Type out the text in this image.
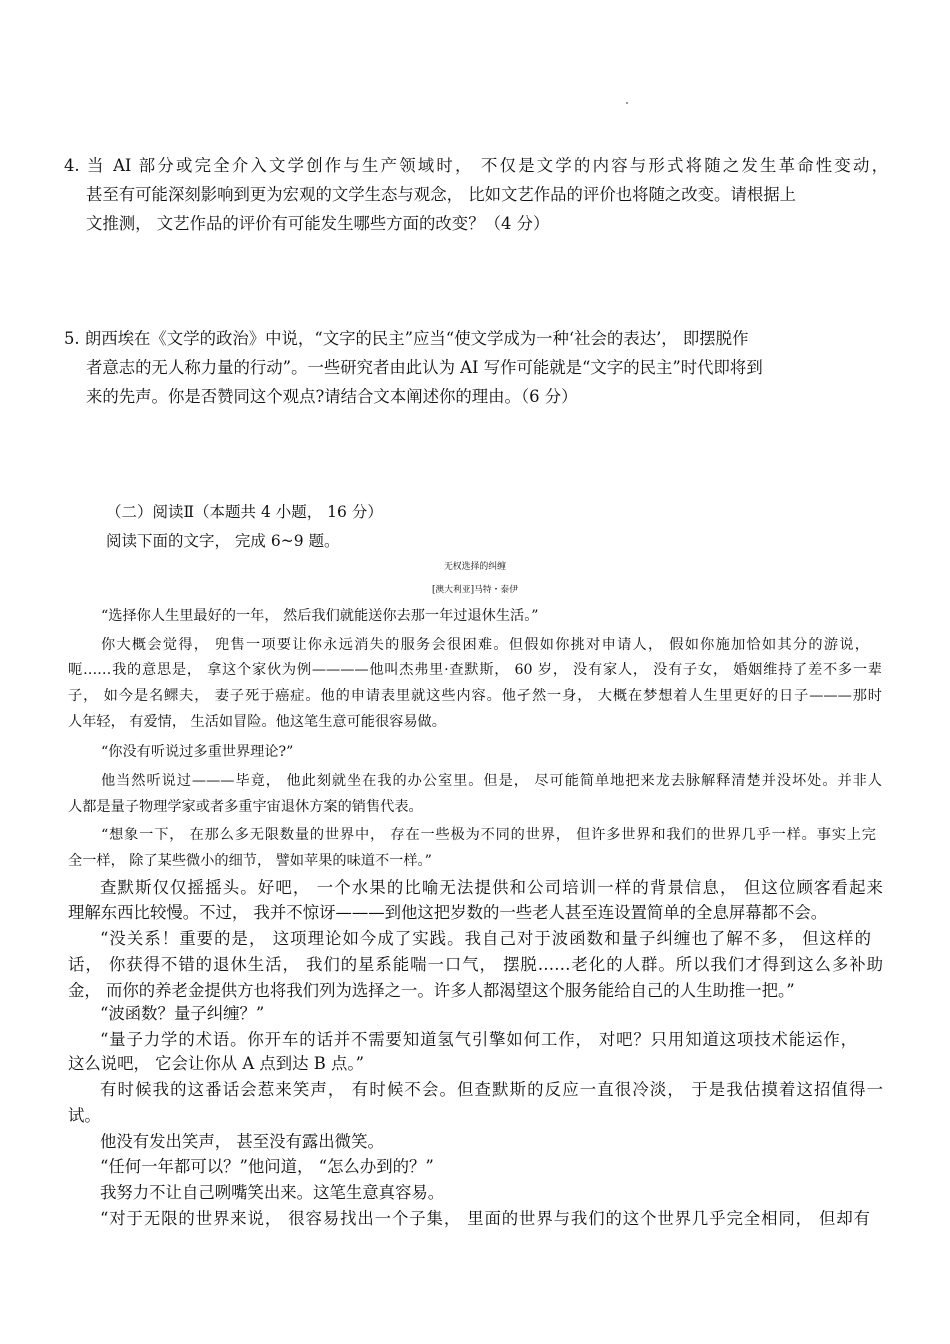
4. 当 AI 部分或完全介入文学创作与生产领域时， 不仅是文学的内容与形式将随之发生革命性变动，
甚至有可能深刻影响到更为宏观的文学生态与观念， 比如文艺作品的评价也将随之改变。请根据上
文推测， 文艺作品的评价有可能发生哪些方面的改变？（4 分）
5. 朗西埃在《文学的政治》中说，“文字的民主”应当“使文学成为一种‘社会的表达’， 即摆脱作
者意志的无人称力量的行动”。一些研究者由此认为 AI 写作可能就是“文字的民主”时代即将到
来的先声。你是否赞同这个观点?请结合文本阐述你的理由。（6 分）
（二）阅读Ⅱ（本题共 4 小题， 16 分）
阅读下面的文字， 完成 6~9 题。
无权选择的纠缠
[澳大利亚]马特・泰伊
“选择你人生里最好的一年， 然后我们就能送你去那一年过退休生活。”
你大概会觉得， 兜售一项要让你永远消失的服务会很困难。但假如你挑对申请人， 假如你施加恰如其分的游说，
呃……我的意思是， 拿这个家伙为例————他叫杰弗里·查默斯， 60 岁， 没有家人， 没有子女， 婚姻维持了差不多一辈
子， 如今是名鳏夫， 妻子死于癌症。他的申请表里就这些内容。他孑然一身， 大概在梦想着人生里更好的日子———那时
人年轻， 有爱情， 生活如冒险。他这笔生意可能很容易做。
“你没有听说过多重世界理论?”
他当然听说过———毕竟， 他此刻就坐在我的办公室里。但是， 尽可能简单地把来龙去脉解释清楚并没坏处。并非人
人都是量子物理学家或者多重宇宙退休方案的销售代表。
“想象一下， 在那么多无限数量的世界中， 存在一些极为不同的世界， 但许多世界和我们的世界几乎一样。事实上完
全一样， 除了某些微小的细节， 譬如苹果的味道不一样。”
查默斯仅仅摇摇头。好吧， 一个水果的比喻无法提供和公司培训一样的背景信息， 但这位顾客看起来
理解东西比较慢。不过， 我并不惊讶———到他这把岁数的一些老人甚至连设置简单的全息屏幕都不会。
“没关系！重要的是， 这项理论如今成了实践。我自己对于波函数和量子纠缠也了解不多， 但这样的
话， 你获得不错的退休生活， 我们的星系能喘一口气， 摆脱……老化的人群。所以我们才得到这么多补助
金， 而你的养老金提供方也将我们列为选择之一。许多人都渴望这个服务能给自己的人生助推一把。”
“波函数？量子纠缠？”
“量子力学的术语。你开车的话并不需要知道氢气引擎如何工作， 对吧？只用知道这项技术能运作，
这么说吧， 它会让你从 A 点到达 B 点。”
有时候我的这番话会惹来笑声， 有时候不会。但查默斯的反应一直很冷淡， 于是我估摸着这招值得一
试。
他没有发出笑声， 甚至没有露出微笑。
“任何一年都可以？”他问道， “怎么办到的？”
我努力不让自己咧嘴笑出来。这笔生意真容易。
“对于无限的世界来说， 很容易找出一个子集， 里面的世界与我们的这个世界几乎完全相同， 但却有
